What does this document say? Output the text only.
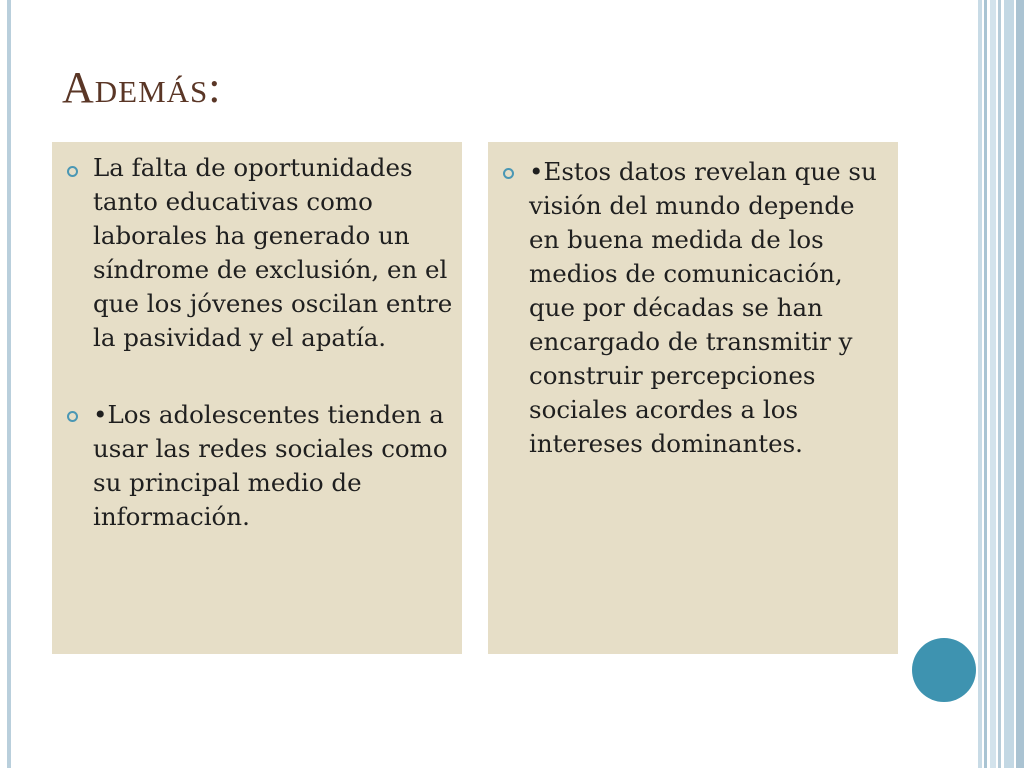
Además:
La falta de oportunidades tanto educativas como laborales ha generado un síndrome de exclusión, en el que los jóvenes oscilan entre la pasividad y el apatía.
•Los adolescentes tienden a usar las redes sociales como su principal medio de información.
•Estos datos revelan que su visión del mundo depende en buena medida de los medios de comunicación, que por décadas se han encargado de transmitir y construir percepciones sociales acordes a los intereses dominantes.
